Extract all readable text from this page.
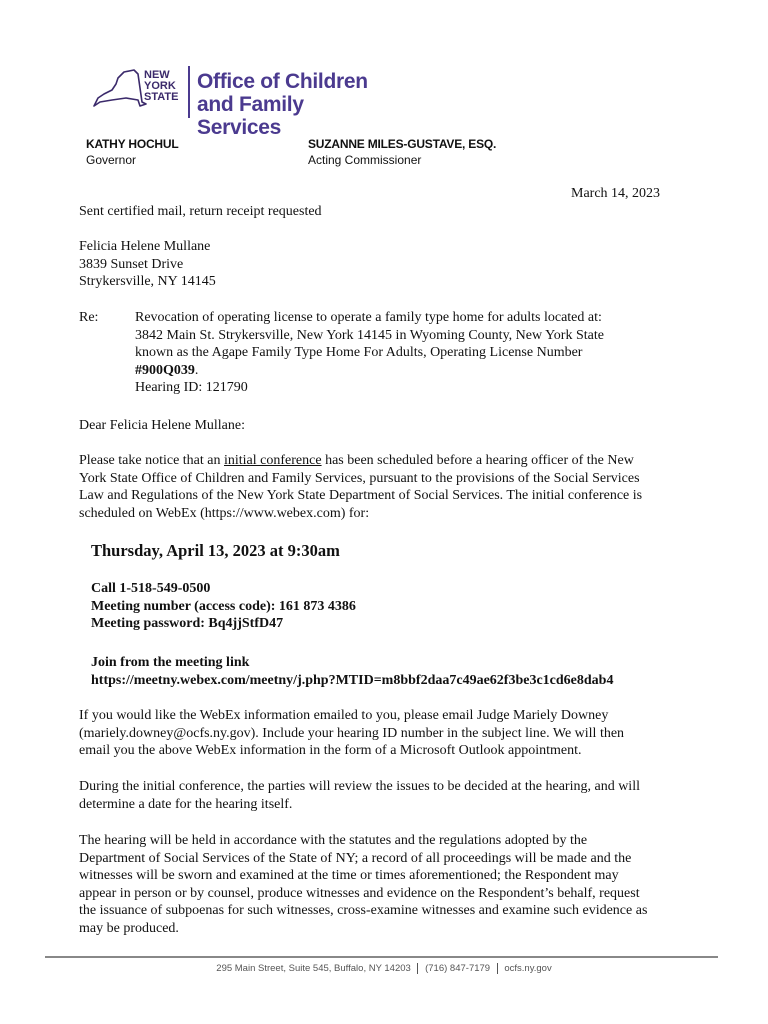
NEW
YORK
STATE
Office of Children
and Family Services
KATHY HOCHUL
Governor
SUZANNE MILES-GUSTAVE, ESQ.
Acting Commissioner
March 14, 2023
Sent certified mail, return receipt requested
Felicia Helene Mullane
3839 Sunset Drive
Strykersville, NY 14145
Re:	Revocation of operating license to operate a family type home for adults located at:
3842 Main St. Strykersville, New York 14145 in Wyoming County, New York State
known as the Agape Family Type Home For Adults, Operating License Number
#900Q039.
Hearing ID: 121790
Dear Felicia Helene Mullane:
Please take notice that an initial conference has been scheduled before a hearing officer of the New
York State Office of Children and Family Services, pursuant to the provisions of the Social Services
Law and Regulations of the New York State Department of Social Services. The initial conference is
scheduled on WebEx (https://www.webex.com) for:
Thursday, April 13, 2023 at 9:30am
Call 1-518-549-0500
Meeting number (access code): 161 873 4386
Meeting password: Bq4jjStfD47
Join from the meeting link
https://meetny.webex.com/meetny/j.php?MTID=m8bbf2daa7c49ae62f3be3c1cd6e8dab4
If you would like the WebEx information emailed to you, please email Judge Mariely Downey
(mariely.downey@ocfs.ny.gov). Include your hearing ID number in the subject line. We will then
email you the above WebEx information in the form of a Microsoft Outlook appointment.
During the initial conference, the parties will review the issues to be decided at the hearing, and will
determine a date for the hearing itself.
The hearing will be held in accordance with the statutes and the regulations adopted by the
Department of Social Services of the State of NY; a record of all proceedings will be made and the
witnesses will be sworn and examined at the time or times aforementioned; the Respondent may
appear in person or by counsel, produce witnesses and evidence on the Respondent’s behalf, request
the issuance of subpoenas for such witnesses, cross-examine witnesses and examine such evidence as
may be produced.
295 Main Street, Suite 545, Buffalo, NY 14203 (716) 847-7179 ocfs.ny.gov
